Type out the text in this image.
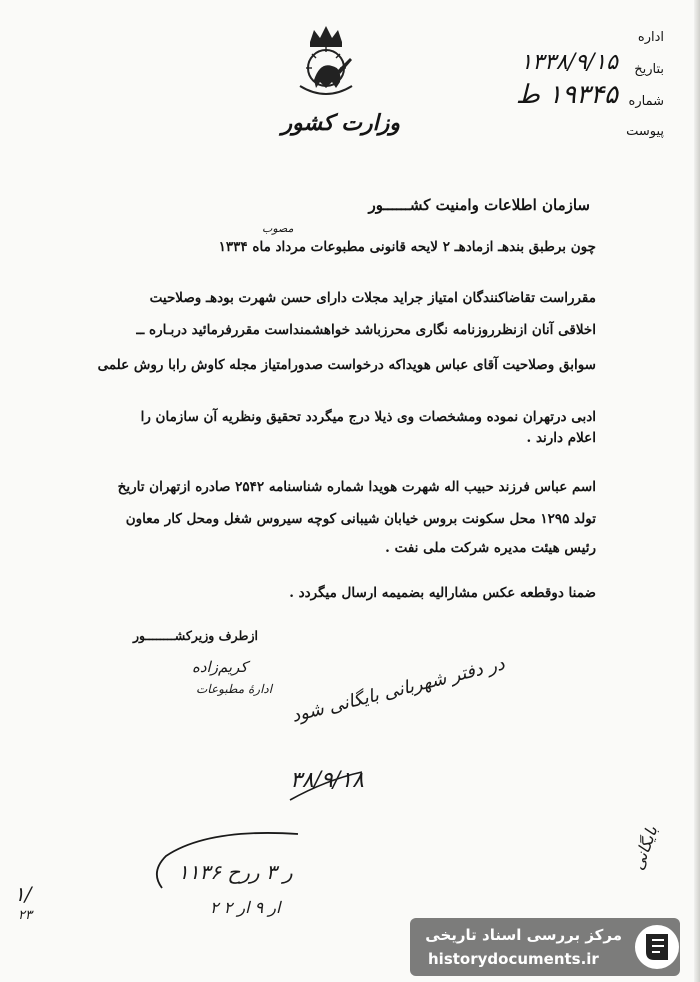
اداره
بتاريخ
۱۳۳۸/۹/۱۵
شماره
۱۹۳۴۵ ط
پیوست
وزارت کشور
سازمان اطلاعات وامنیت کشــــــور
مصوب
چون برطبق بندهـ ازمادهـ ۲ لایحه قانونی مطبوعات مرداد ماه ۱۳۳۴
مقرراست تقاضاکنندگان امتیاز جراید مجلات دارای حسن شهرت بودهـ وصلاحیت
اخلاقی آنان ازنظرروزنامه نگاری محرزباشد خواهشمنداست مقررفرمائید دربـاره ــ
سوابق وصلاحیت آقای عباس هویداکه درخواست صدورامتیاز مجله کاوش رابا روش علمی
ادبی درتهران نموده ومشخصات وی ذیلا درج میگردد تحقیق ونظریه آن سازمان را
اعلام دارند .
اسم عباس فرزند حبیب اله شهرت هویدا شماره شناسنامه ۲۵۴۲ صادره ازتهران تاریخ
تولد ۱۲۹۵ محل سکونت بروس خیابان شیبانی کوچه سیروس شغل ومحل کار معاون
رئیس هیئت مدیره شرکت ملی نفت .
ضمنا دوقطعه عکس مشارالیه بضمیمه ارسال میگردد .
ازطرف وزیرکشــــــــور
کریم‌زاده
ادارهٔ مطبوعات در دفتر شهربانی بایگانی شود
۳۸/۹/۱۸
۱۱۳۶ ر ۳ ررح
۲ ار ۹ ار ۲
۱/
۲۳
بایگانی
مرکز بررسی اسناد تاریخی
historydocuments.ir
